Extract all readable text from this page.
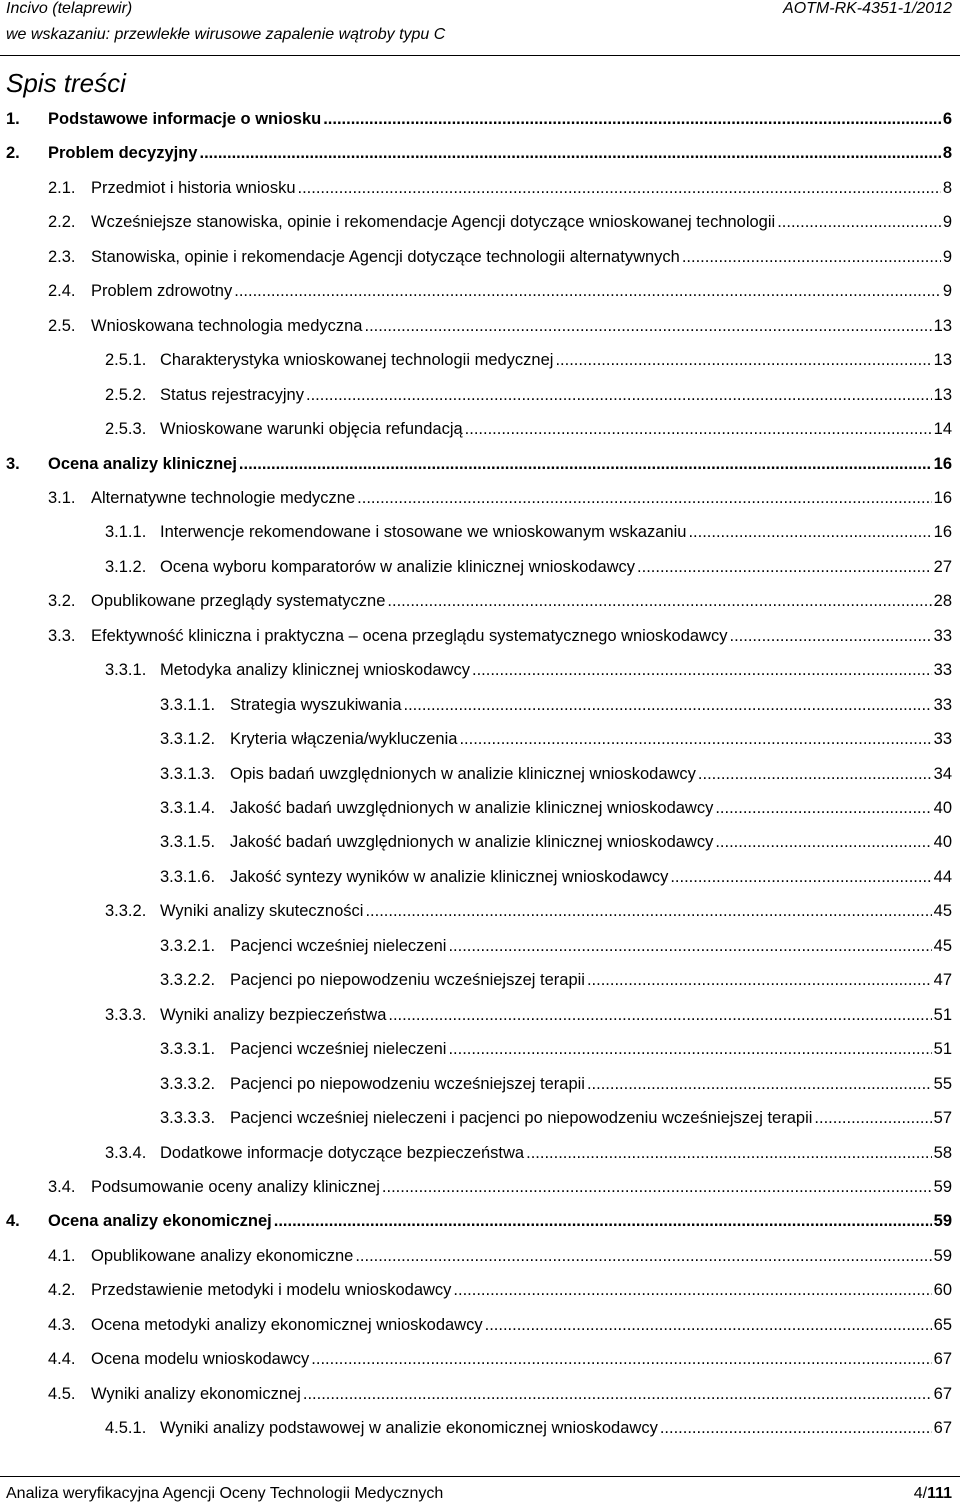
Incivo (telaprewir)
we wskazaniu: przewlekłe wirusowe zapalenie wątroby typu C
AOTM-RK-4351-1/2012
Spis treści
1.	Podstawowe informacje o wniosku .....	6
2.	Problem decyzyjny .....	8
2.1. Przedmiot i historia wniosku .....	8
2.2. Wcześniejsze stanowiska, opinie i rekomendacje Agencji dotyczące wnioskowanej technologii .....	9
2.3. Stanowiska, opinie i rekomendacje Agencji dotyczące technologii alternatywnych .....	9
2.4. Problem zdrowotny .....	9
2.5. Wnioskowana technologia medyczna .....	13
2.5.1. Charakterystyka wnioskowanej technologii medycznej .....	13
2.5.2. Status rejestracyjny .....	13
2.5.3. Wnioskowane warunki objęcia refundacją .....	14
3.	Ocena analizy klinicznej .....	16
3.1. Alternatywne technologie medyczne .....	16
3.1.1. Interwencje rekomendowane i stosowane we wnioskowanym wskazaniu .....	16
3.1.2. Ocena wyboru komparatorów w analizie klinicznej wnioskodawcy .....	27
3.2. Opublikowane przeglądy systematyczne .....	28
3.3. Efektywność kliniczna i praktyczna – ocena przeglądu systematycznego wnioskodawcy .....	33
3.3.1. Metodyka analizy klinicznej wnioskodawcy .....	33
3.3.1.1. Strategia wyszukiwania .....	33
3.3.1.2. Kryteria włączenia/wykluczenia .....	33
3.3.1.3. Opis badań uwzględnionych w analizie klinicznej wnioskodawcy .....	34
3.3.1.4. Jakość badań uwzględnionych w analizie klinicznej wnioskodawcy .....	40
3.3.1.5. Jakość badań uwzględnionych w analizie klinicznej wnioskodawcy .....	40
3.3.1.6. Jakość syntezy wyników w analizie klinicznej wnioskodawcy .....	44
3.3.2. Wyniki analizy skuteczności .....	45
3.3.2.1. Pacjenci wcześniej nieleczeni .....	45
3.3.2.2. Pacjenci po niepowodzeniu wcześniejszej terapii .....	47
3.3.3. Wyniki analizy bezpieczeństwa .....	51
3.3.3.1. Pacjenci wcześniej nieleczeni .....	51
3.3.3.2. Pacjenci po niepowodzeniu wcześniejszej terapii .....	55
3.3.3.3. Pacjenci wcześniej nieleczeni i pacjenci po niepowodzeniu wcześniejszej terapii .....	57
3.3.4. Dodatkowe informacje dotyczące bezpieczeństwa .....	58
3.4. Podsumowanie oceny analizy klinicznej .....	59
4.	Ocena analizy ekonomicznej .....	59
4.1. Opublikowane analizy ekonomiczne .....	59
4.2. Przedstawienie metodyki i modelu wnioskodawcy .....	60
4.3. Ocena metodyki analizy ekonomicznej wnioskodawcy .....	65
4.4. Ocena modelu wnioskodawcy .....	67
4.5. Wyniki analizy ekonomicznej .....	67
4.5.1. Wyniki analizy podstawowej w analizie ekonomicznej wnioskodawcy .....	67
Analiza weryfikacyjna Agencji Oceny Technologii Medycznych	4/111
